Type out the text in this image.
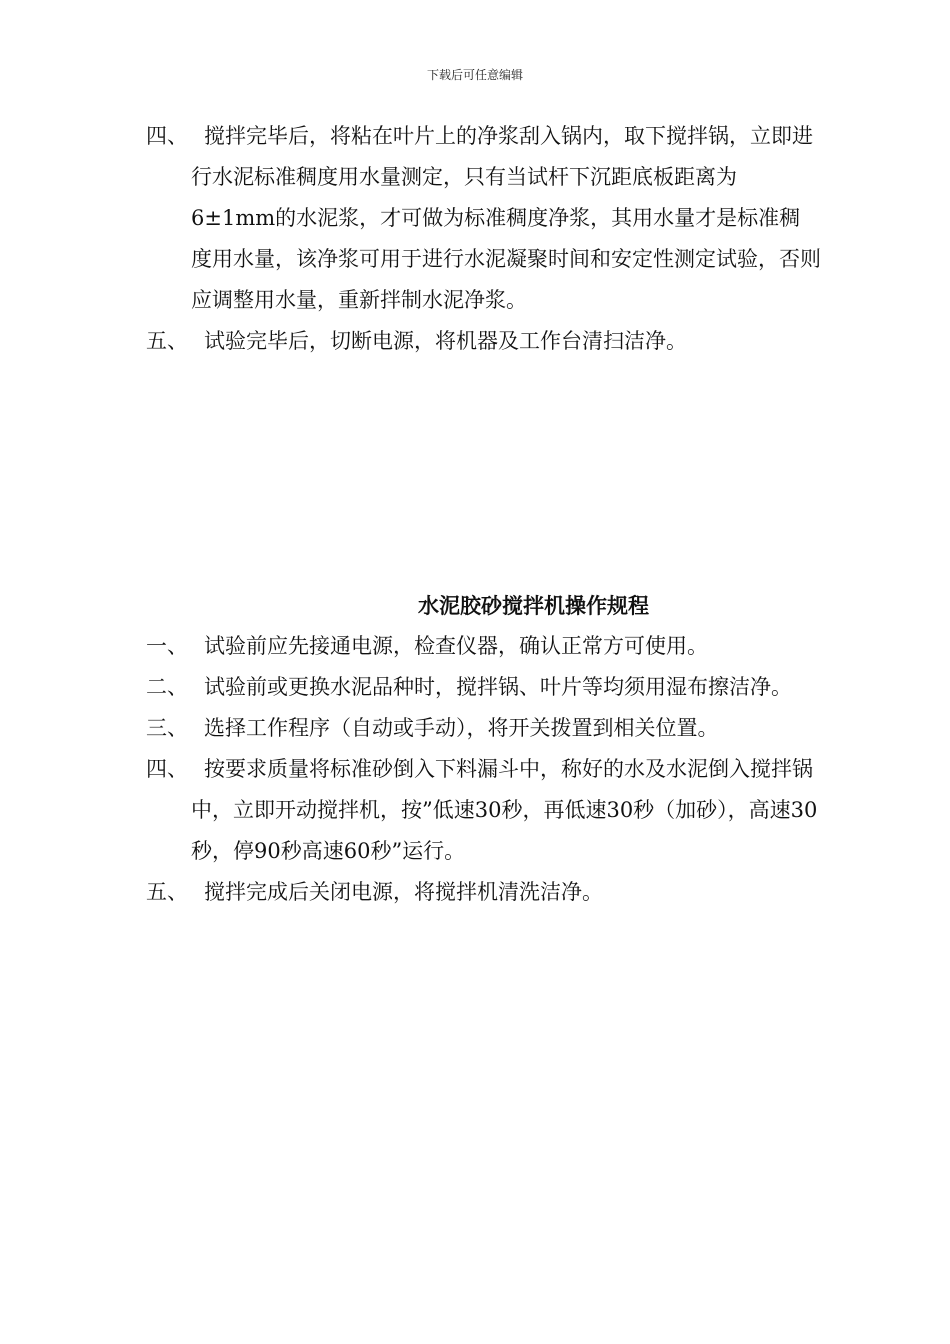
下载后可任意编辑
四、 搅拌完毕后，将粘在叶片上的净浆刮入锅内，取下搅拌锅，立即进行水泥标准稠度用水量测定，只有当试杆下沉距底板距离为6±1mm的水泥浆，才可做为标准稠度净浆，其用水量才是标准稠度用水量，该净浆可用于进行水泥凝聚时间和安定性测定试验，否则应调整用水量，重新拌制水泥净浆。
五、 试验完毕后，切断电源，将机器及工作台清扫洁净。
水泥胶砂搅拌机操作规程
一、 试验前应先接通电源，检查仪器，确认正常方可使用。
二、 试验前或更换水泥品种时，搅拌锅、叶片等均须用湿布擦洁净。
三、 选择工作程序（自动或手动），将开关拨置到相关位置。
四、 按要求质量将标准砂倒入下料漏斗中，称好的水及水泥倒入搅拌锅中，立即开动搅拌机，按”低速30秒，再低速30秒（加砂），高速30秒，停90秒高速60秒”运行。
五、 搅拌完成后关闭电源，将搅拌机清洗洁净。
